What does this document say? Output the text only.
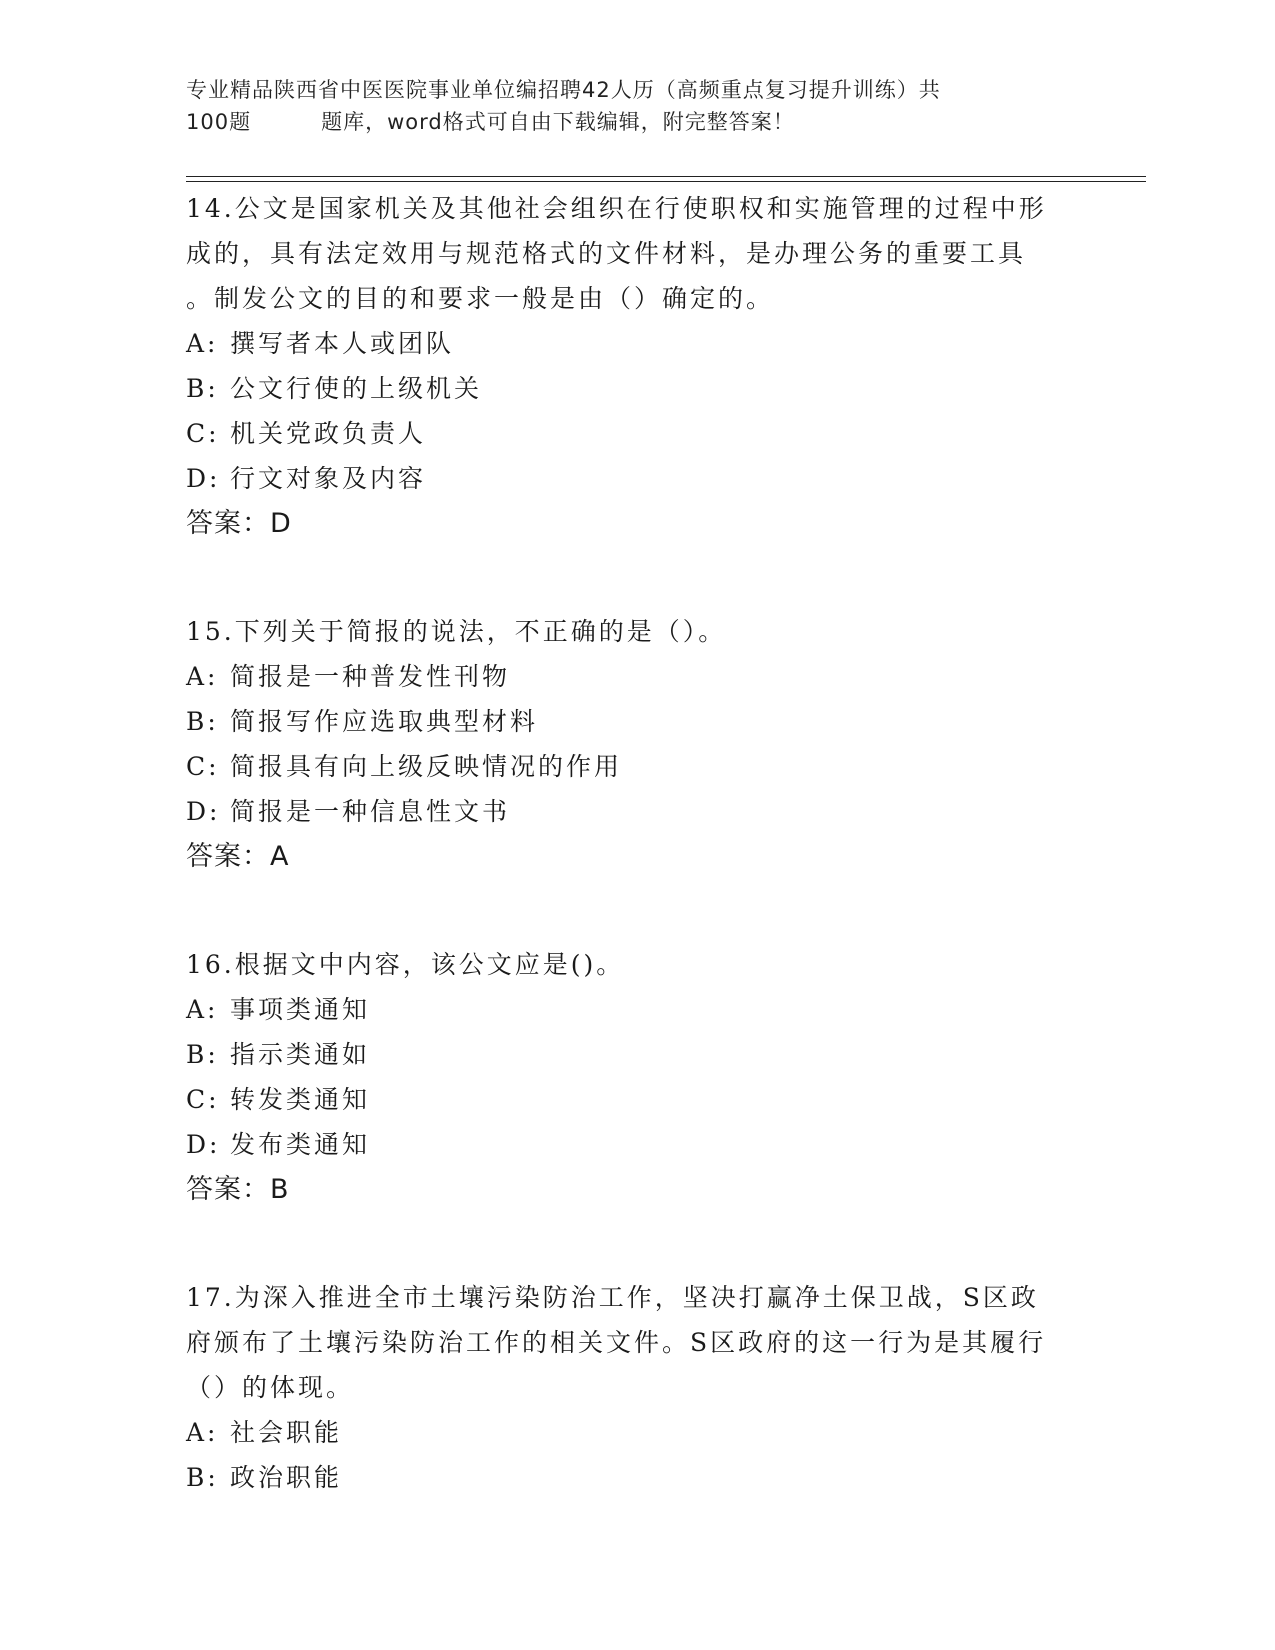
专业精品陕西省中医医院事业单位编招聘42人历（高频重点复习提升训练）共
100题	题库，word格式可自由下载编辑，附完整答案！

14.公文是国家机关及其他社会组织在行使职权和实施管理的过程中形

成的，具有法定效用与规范格式的文件材料，是办理公务的重要工具

。制发公文的目的和要求一般是由（）确定的。

A: 撰写者本人或团队

B: 公文行使的上级机关

C: 机关党政负责人

D: 行文对象及内容

答案：D

15.下列关于简报的说法，不正确的是（）。

A: 简报是一种普发性刊物

B: 简报写作应选取典型材料

C: 简报具有向上级反映情况的作用

D: 简报是一种信息性文书

答案：A

16.根据文中内容，该公文应是()。

A: 事项类通知

B: 指示类通如

C: 转发类通知

D: 发布类通知

答案：B

17.为深入推进全市土壤污染防治工作，坚决打赢净土保卫战，S区政

府颁布了土壤污染防治工作的相关文件。S区政府的这一行为是其履行

（）的体现。

A: 社会职能

B: 政治职能
